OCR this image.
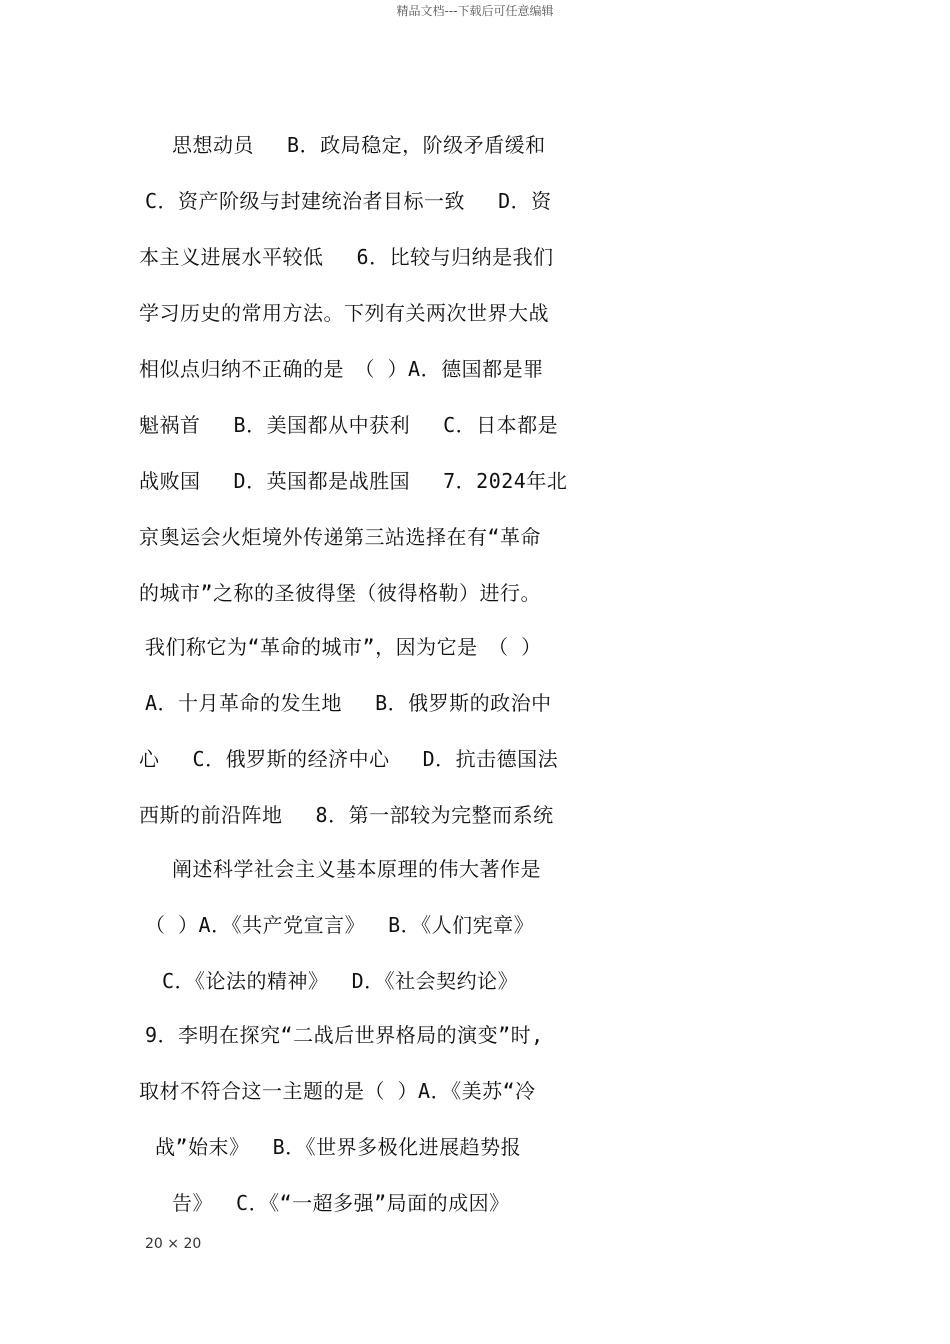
精品文档---下载后可任意编辑
思想动员　 B．政局稳定，阶级矛盾缓和
C．资产阶级与封建统治者目标一致　 D．资
本主义进展水平较低　 6．比较与归纳是我们
学习历史的常用方法。下列有关两次世界大战
相似点归纳不正确的是　（ ）A．德国都是罪
魁祸首　 B．美国都从中获利　 C．日本都是
战败国　 D．英国都是战胜国　 7．2024年北
京奥运会火炬境外传递第三站选择在有“革命
的城市”之称的圣彼得堡（彼得格勒）进行。
我们称它为“革命的城市”，因为它是　（ ）
A．十月革命的发生地　 B．俄罗斯的政治中
心　 C．俄罗斯的经济中心　 D．抗击德国法
西斯的前沿阵地　 8．第一部较为完整而系统
阐述科学社会主义基本原理的伟大著作是
（ ）A．《共产党宣言》　 B．《人们宪章》
C．《论法的精神》　 D．《社会契约论》
9．李明在探究“二战后世界格局的演变”时,
取材不符合这一主题的是（ ）A．《美苏“冷
战”始末》　 B．《世界多极化进展趋势报
告》　 C．《“一超多强”局面的成因》
20 × 20
